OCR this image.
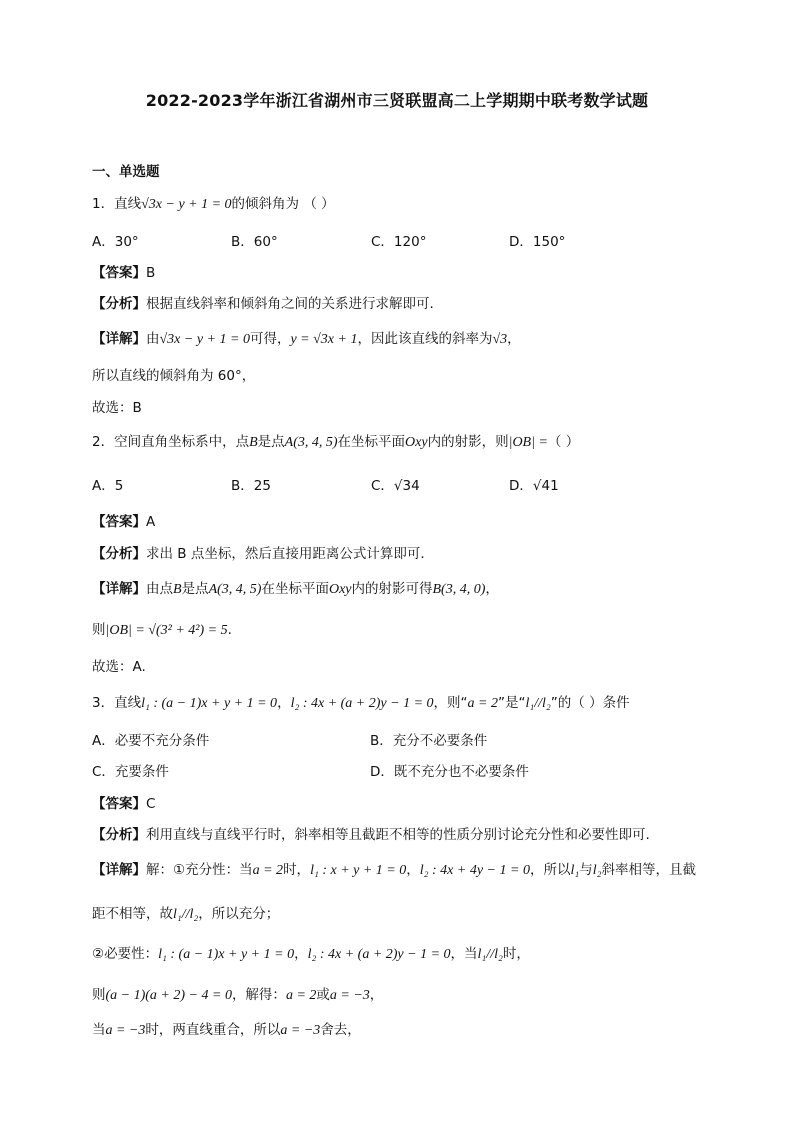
2022-2023学年浙江省湖州市三贤联盟高二上学期期中联考数学试题
一、单选题
1．直线√3x − y + 1 = 0的倾斜角为 （ ）
A．30°	B．60°	C．120°	D．150°
【答案】B
【分析】根据直线斜率和倾斜角之间的关系进行求解即可.
【详解】由√3x − y + 1 = 0可得，y = √3x + 1，因此该直线的斜率为√3，
所以直线的倾斜角为 60°，
故选：B
2．空间直角坐标系中，点B是点A(3, 4, 5)在坐标平面Oxy内的射影，则|OB| =（ ）
A．5	B．25	C．√34	D．√41
【答案】A
【分析】求出 B 点坐标，然后直接用距离公式计算即可.
【详解】由点B是点A(3, 4, 5)在坐标平面Oxy内的射影可得B(3, 4, 0)，
则|OB| = √(3² + 4²) = 5.
故选：A.
3．直线l₁ : (a − 1)x + y + 1 = 0，l₂ : 4x + (a + 2)y − 1 = 0，则“a = 2”是“l₁//l₂”的（ ）条件
A．必要不充分条件	B．充分不必要条件
C．充要条件	D．既不充分也不必要条件
【答案】C
【分析】利用直线与直线平行时，斜率相等且截距不相等的性质分别讨论充分性和必要性即可.
【详解】解：①充分性：当a = 2时，l₁ : x + y + 1 = 0，l₂ : 4x + 4y − 1 = 0，所以l₁与l₂斜率相等，且截
距不相等，故l₁//l₂，所以充分；
②必要性：l₁ : (a − 1)x + y + 1 = 0，l₂ : 4x + (a + 2)y − 1 = 0，当l₁//l₂时，
则(a − 1)(a + 2) − 4 = 0，解得：a = 2或a = −3，
当a = −3时，两直线重合，所以a = −3舍去，
